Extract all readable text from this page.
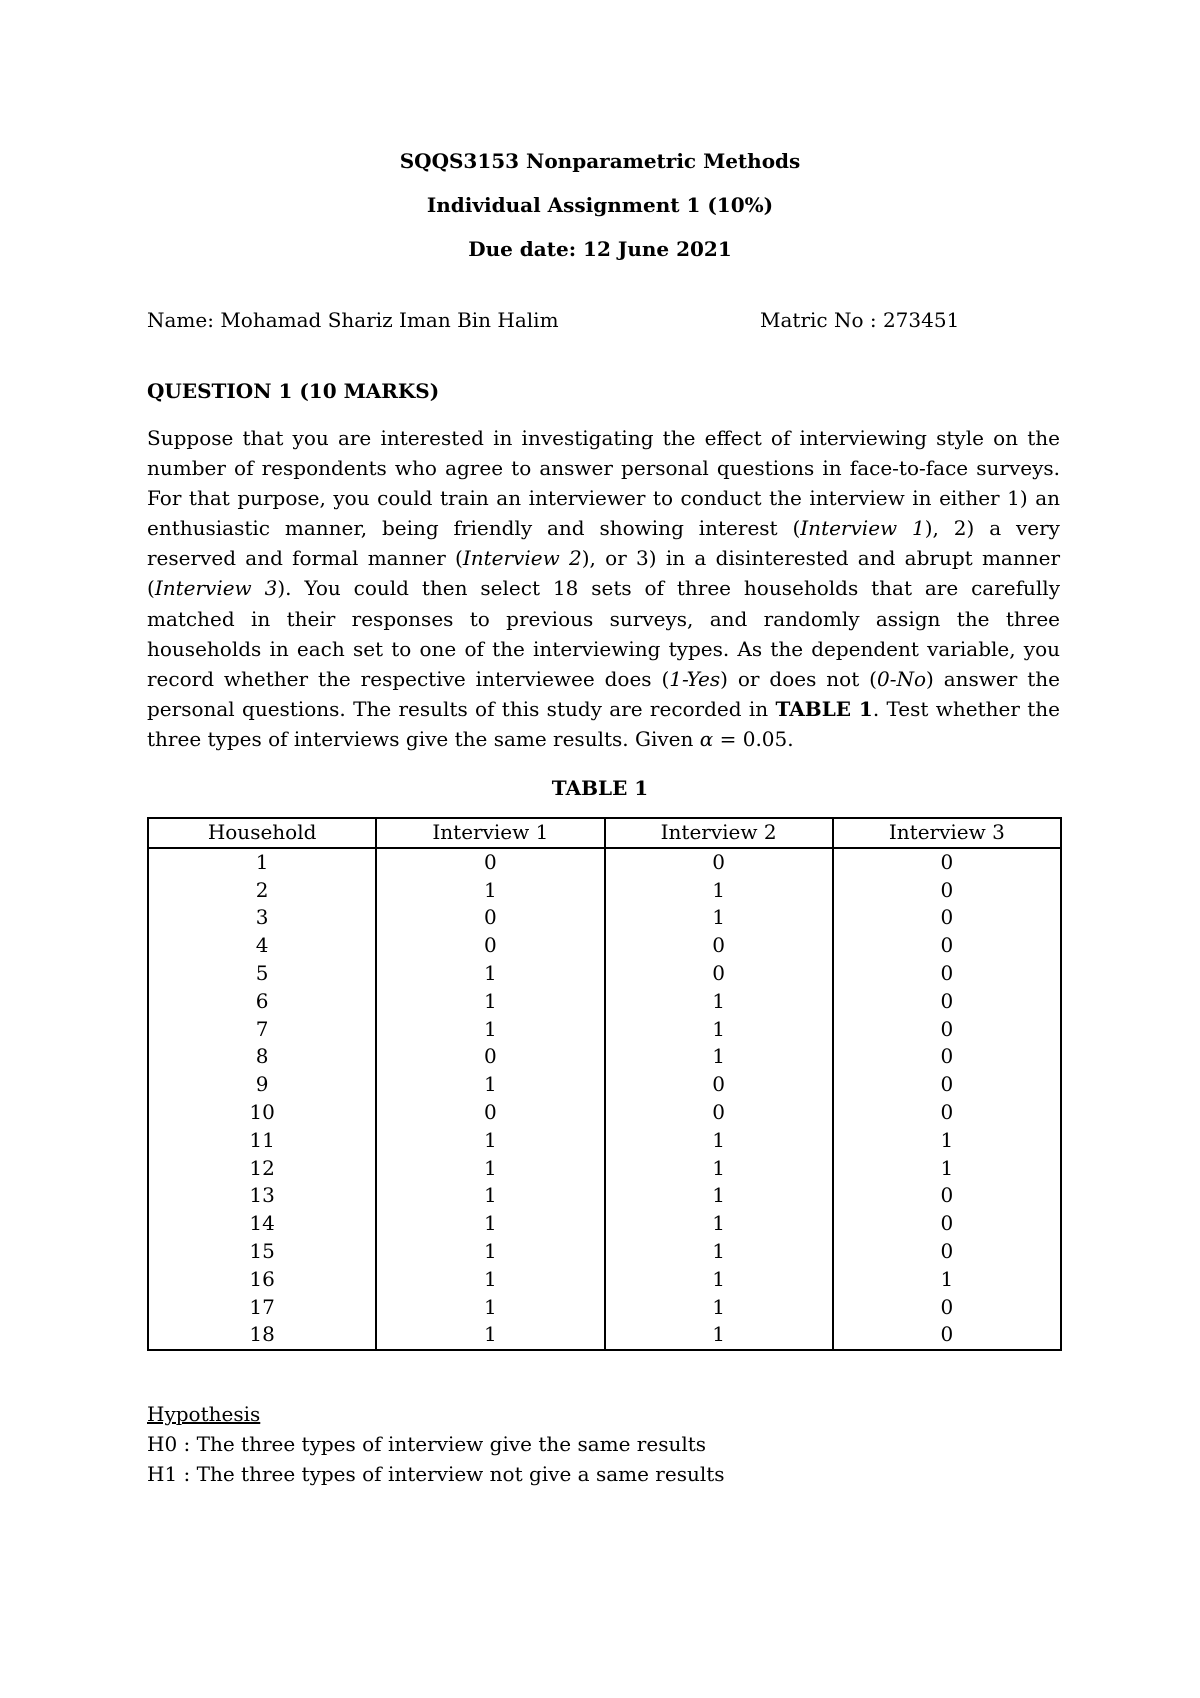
SQQS3153 Nonparametric Methods
Individual Assignment 1 (10%)
Due date: 12 June 2021
Name: Mohamad Shariz Iman Bin Halim	Matric No : 273451
QUESTION 1 (10 MARKS)
Suppose that you are interested in investigating the effect of interviewing style on the number of respondents who agree to answer personal questions in face-to-face surveys. For that purpose, you could train an interviewer to conduct the interview in either 1) an enthusiastic manner, being friendly and showing interest (Interview 1), 2) a very reserved and formal manner (Interview 2), or 3) in a disinterested and abrupt manner (Interview 3). You could then select 18 sets of three households that are carefully matched in their responses to previous surveys, and randomly assign the three households in each set to one of the interviewing types. As the dependent variable, you record whether the respective interviewee does (1-Yes) or does not (0-No) answer the personal questions. The results of this study are recorded in TABLE 1. Test whether the three types of interviews give the same results. Given α = 0.05.
TABLE 1
Household	Interview 1	Interview 2	Interview 3
1	0	0	0
2	1	1	0
3	0	1	0
4	0	0	0
5	1	0	0
6	1	1	0
7	1	1	0
8	0	1	0
9	1	0	0
10	0	0	0
11	1	1	1
12	1	1	1
13	1	1	0
14	1	1	0
15	1	1	0
16	1	1	1
17	1	1	0
18	1	1	0
Hypothesis
H0 : The three types of interview give the same results
H1 : The three types of interview not give a same results
